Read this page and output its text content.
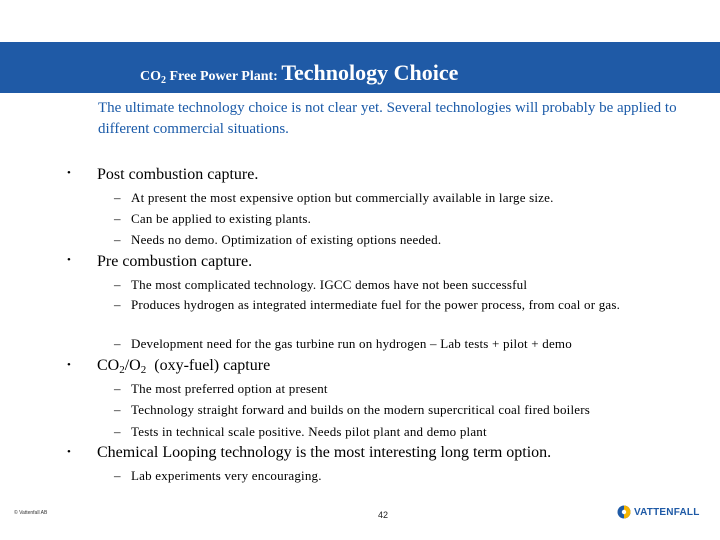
$CO_2$ Free Power Plant: Technology Choice
The ultimate technology choice is not clear yet. Several technologies will probably be applied to different commercial situations.
• Post combustion capture.
– At present the most expensive option but commercially available in large size.
– Can be applied to existing plants.
– Needs no demo. Optimization of existing options needed.
• Pre combustion capture.
– The most complicated technology. IGCC demos have not been successful
– Produces hydrogen as integrated intermediate fuel for the power process, from coal or gas.
– Development need for the gas turbine run on hydrogen – Lab tests + pilot + demo
• $CO_2/O_2$  (oxy-fuel) capture
– The most preferred option at present
– Technology straight forward and builds on the modern supercritical coal fired boilers
– Tests in technical scale positive. Needs pilot plant and demo plant
• Chemical Looping technology is the most interesting long term option.
– Lab experiments very encouraging.
© Vattenfall AB	42	VATTENFALL
